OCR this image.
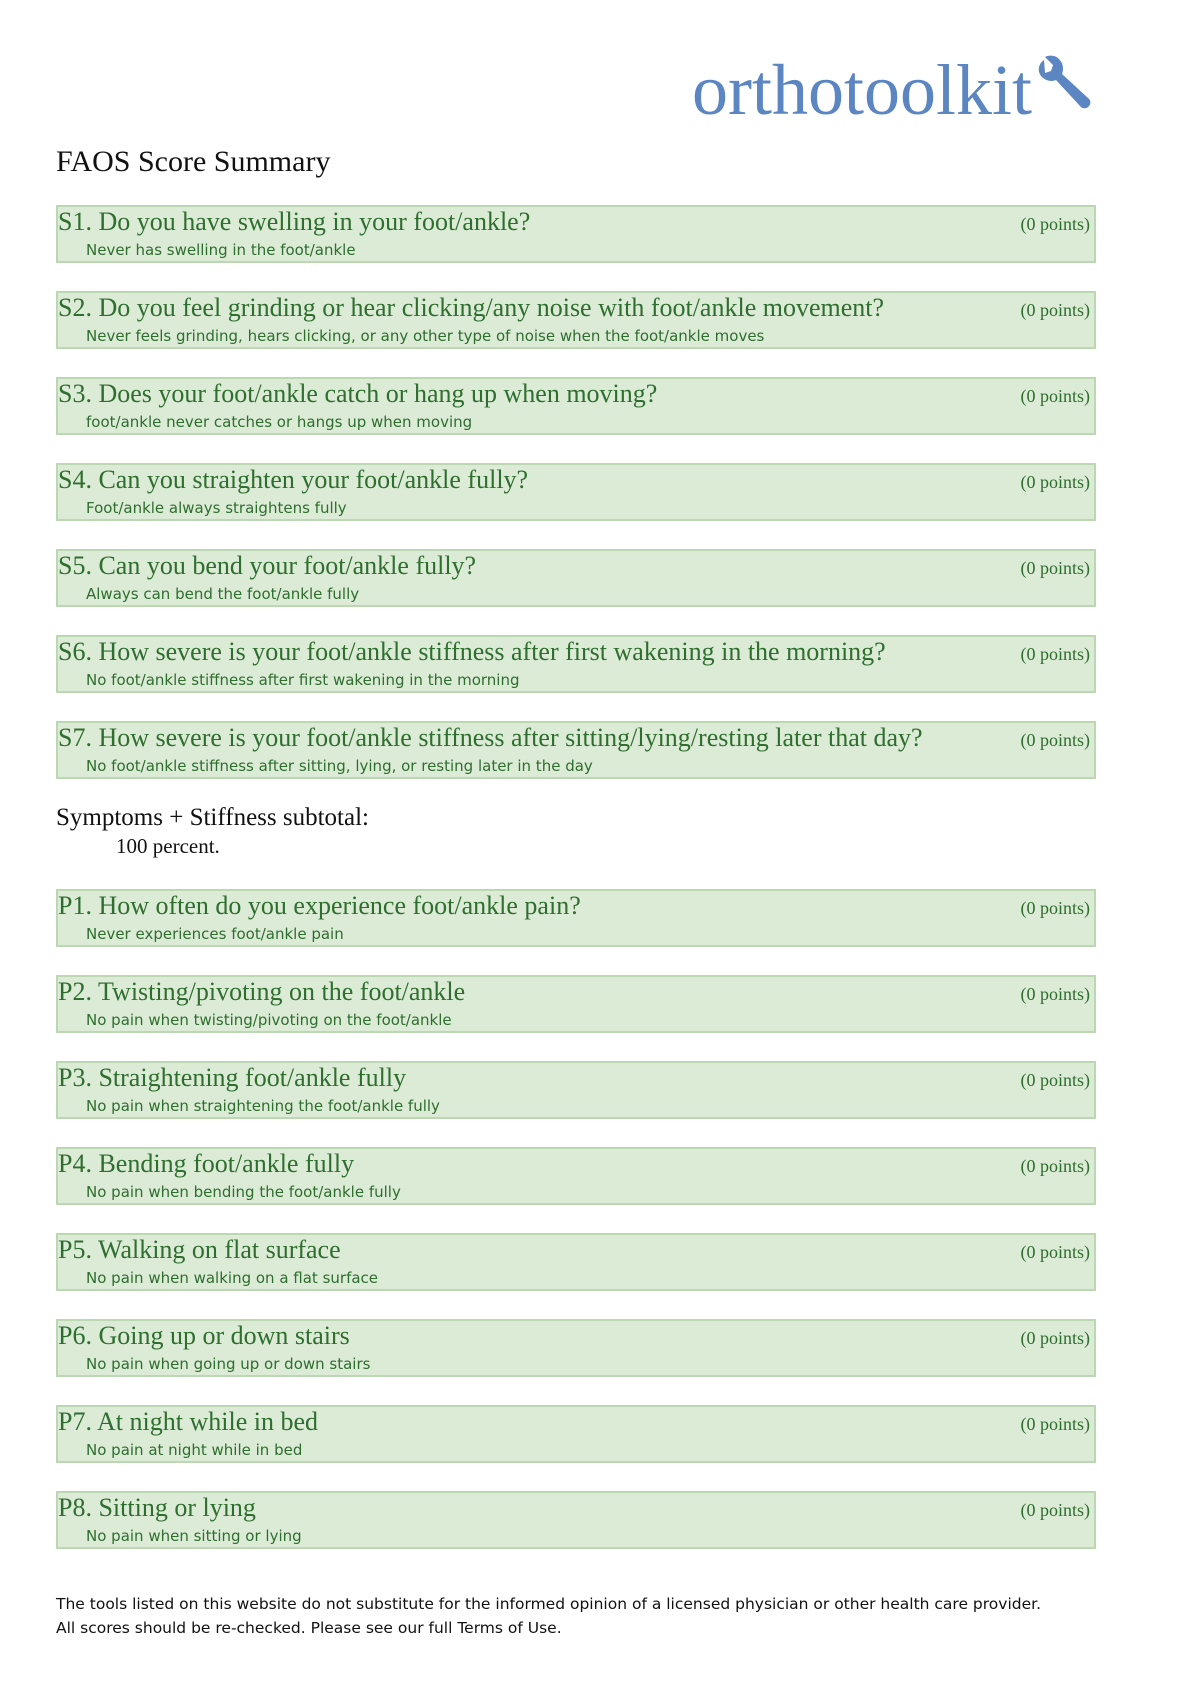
orthotoolkit
FAOS Score Summary
S1. Do you have swelling in your foot/ankle?	(0 points)
Never has swelling in the foot/ankle
S2. Do you feel grinding or hear clicking/any noise with foot/ankle movement?	(0 points)
Never feels grinding, hears clicking, or any other type of noise when the foot/ankle moves
S3. Does your foot/ankle catch or hang up when moving?	(0 points)
foot/ankle never catches or hangs up when moving
S4. Can you straighten your foot/ankle fully?	(0 points)
Foot/ankle always straightens fully
S5. Can you bend your foot/ankle fully?	(0 points)
Always can bend the foot/ankle fully
S6. How severe is your foot/ankle stiffness after first wakening in the morning?	(0 points)
No foot/ankle stiffness after first wakening in the morning
S7. How severe is your foot/ankle stiffness after sitting/lying/resting later that day?	(0 points)
No foot/ankle stiffness after sitting, lying, or resting later in the day
Symptoms + Stiffness subtotal:
100 percent.
P1. How often do you experience foot/ankle pain?	(0 points)
Never experiences foot/ankle pain
P2. Twisting/pivoting on the foot/ankle	(0 points)
No pain when twisting/pivoting on the foot/ankle
P3. Straightening foot/ankle fully	(0 points)
No pain when straightening the foot/ankle fully
P4. Bending foot/ankle fully	(0 points)
No pain when bending the foot/ankle fully
P5. Walking on flat surface	(0 points)
No pain when walking on a flat surface
P6. Going up or down stairs	(0 points)
No pain when going up or down stairs
P7. At night while in bed	(0 points)
No pain at night while in bed
P8. Sitting or lying	(0 points)
No pain when sitting or lying

The tools listed on this website do not substitute for the informed opinion of a licensed physician or other health care provider.

All scores should be re-checked. Please see our full Terms of Use.
